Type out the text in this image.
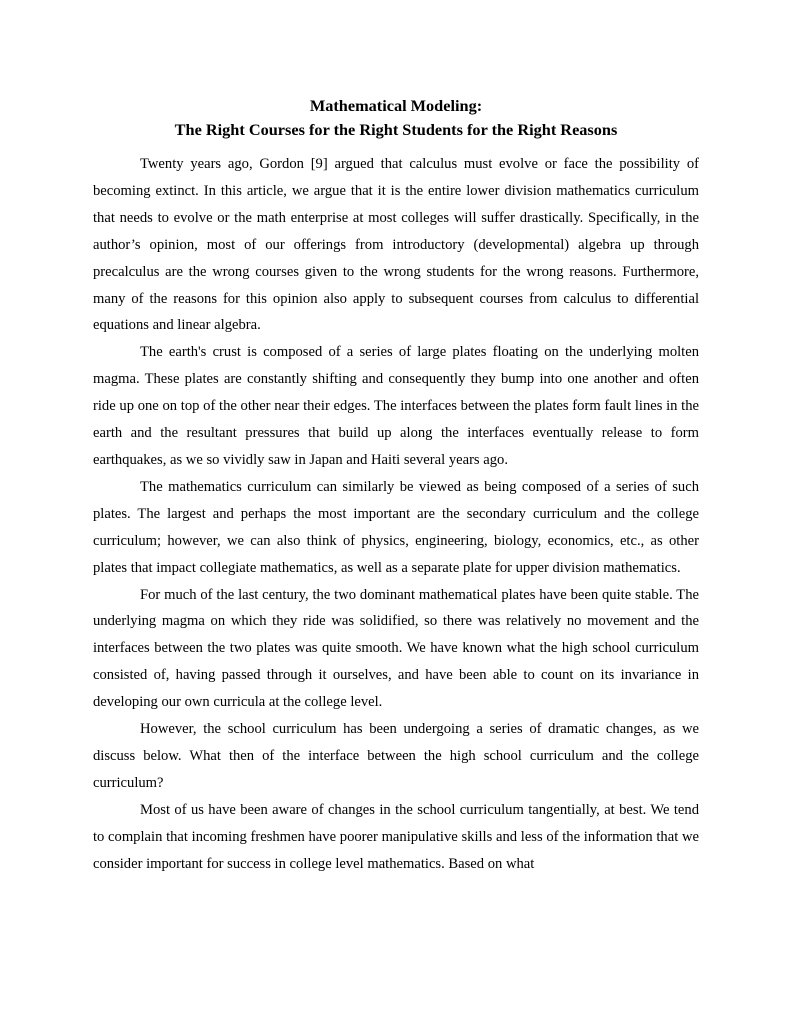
Mathematical Modeling:
The Right Courses for the Right Students for the Right Reasons

Twenty years ago, Gordon [9] argued that calculus must evolve or face the possibility of becoming extinct. In this article, we argue that it is the entire lower division mathematics curriculum that needs to evolve or the math enterprise at most colleges will suffer drastically. Specifically, in the author’s opinion, most of our offerings from introductory (developmental) algebra up through precalculus are the wrong courses given to the wrong students for the wrong reasons. Furthermore, many of the reasons for this opinion also apply to subsequent courses from calculus to differential equations and linear algebra.

The earth's crust is composed of a series of large plates floating on the underlying molten magma. These plates are constantly shifting and consequently they bump into one another and often ride up one on top of the other near their edges. The interfaces between the plates form fault lines in the earth and the resultant pressures that build up along the interfaces eventually release to form earthquakes, as we so vividly saw in Japan and Haiti several years ago.

The mathematics curriculum can similarly be viewed as being composed of a series of such plates. The largest and perhaps the most important are the secondary curriculum and the college curriculum; however, we can also think of physics, engineering, biology, economics, etc., as other plates that impact collegiate mathematics, as well as a separate plate for upper division mathematics.

For much of the last century, the two dominant mathematical plates have been quite stable. The underlying magma on which they ride was solidified, so there was relatively no movement and the interfaces between the two plates was quite smooth. We have known what the high school curriculum consisted of, having passed through it ourselves, and have been able to count on its invariance in developing our own curricula at the college level.

However, the school curriculum has been undergoing a series of dramatic changes, as we discuss below. What then of the interface between the high school curriculum and the college curriculum?

Most of us have been aware of changes in the school curriculum tangentially, at best. We tend to complain that incoming freshmen have poorer manipulative skills and less of the information that we consider important for success in college level mathematics. Based on what
